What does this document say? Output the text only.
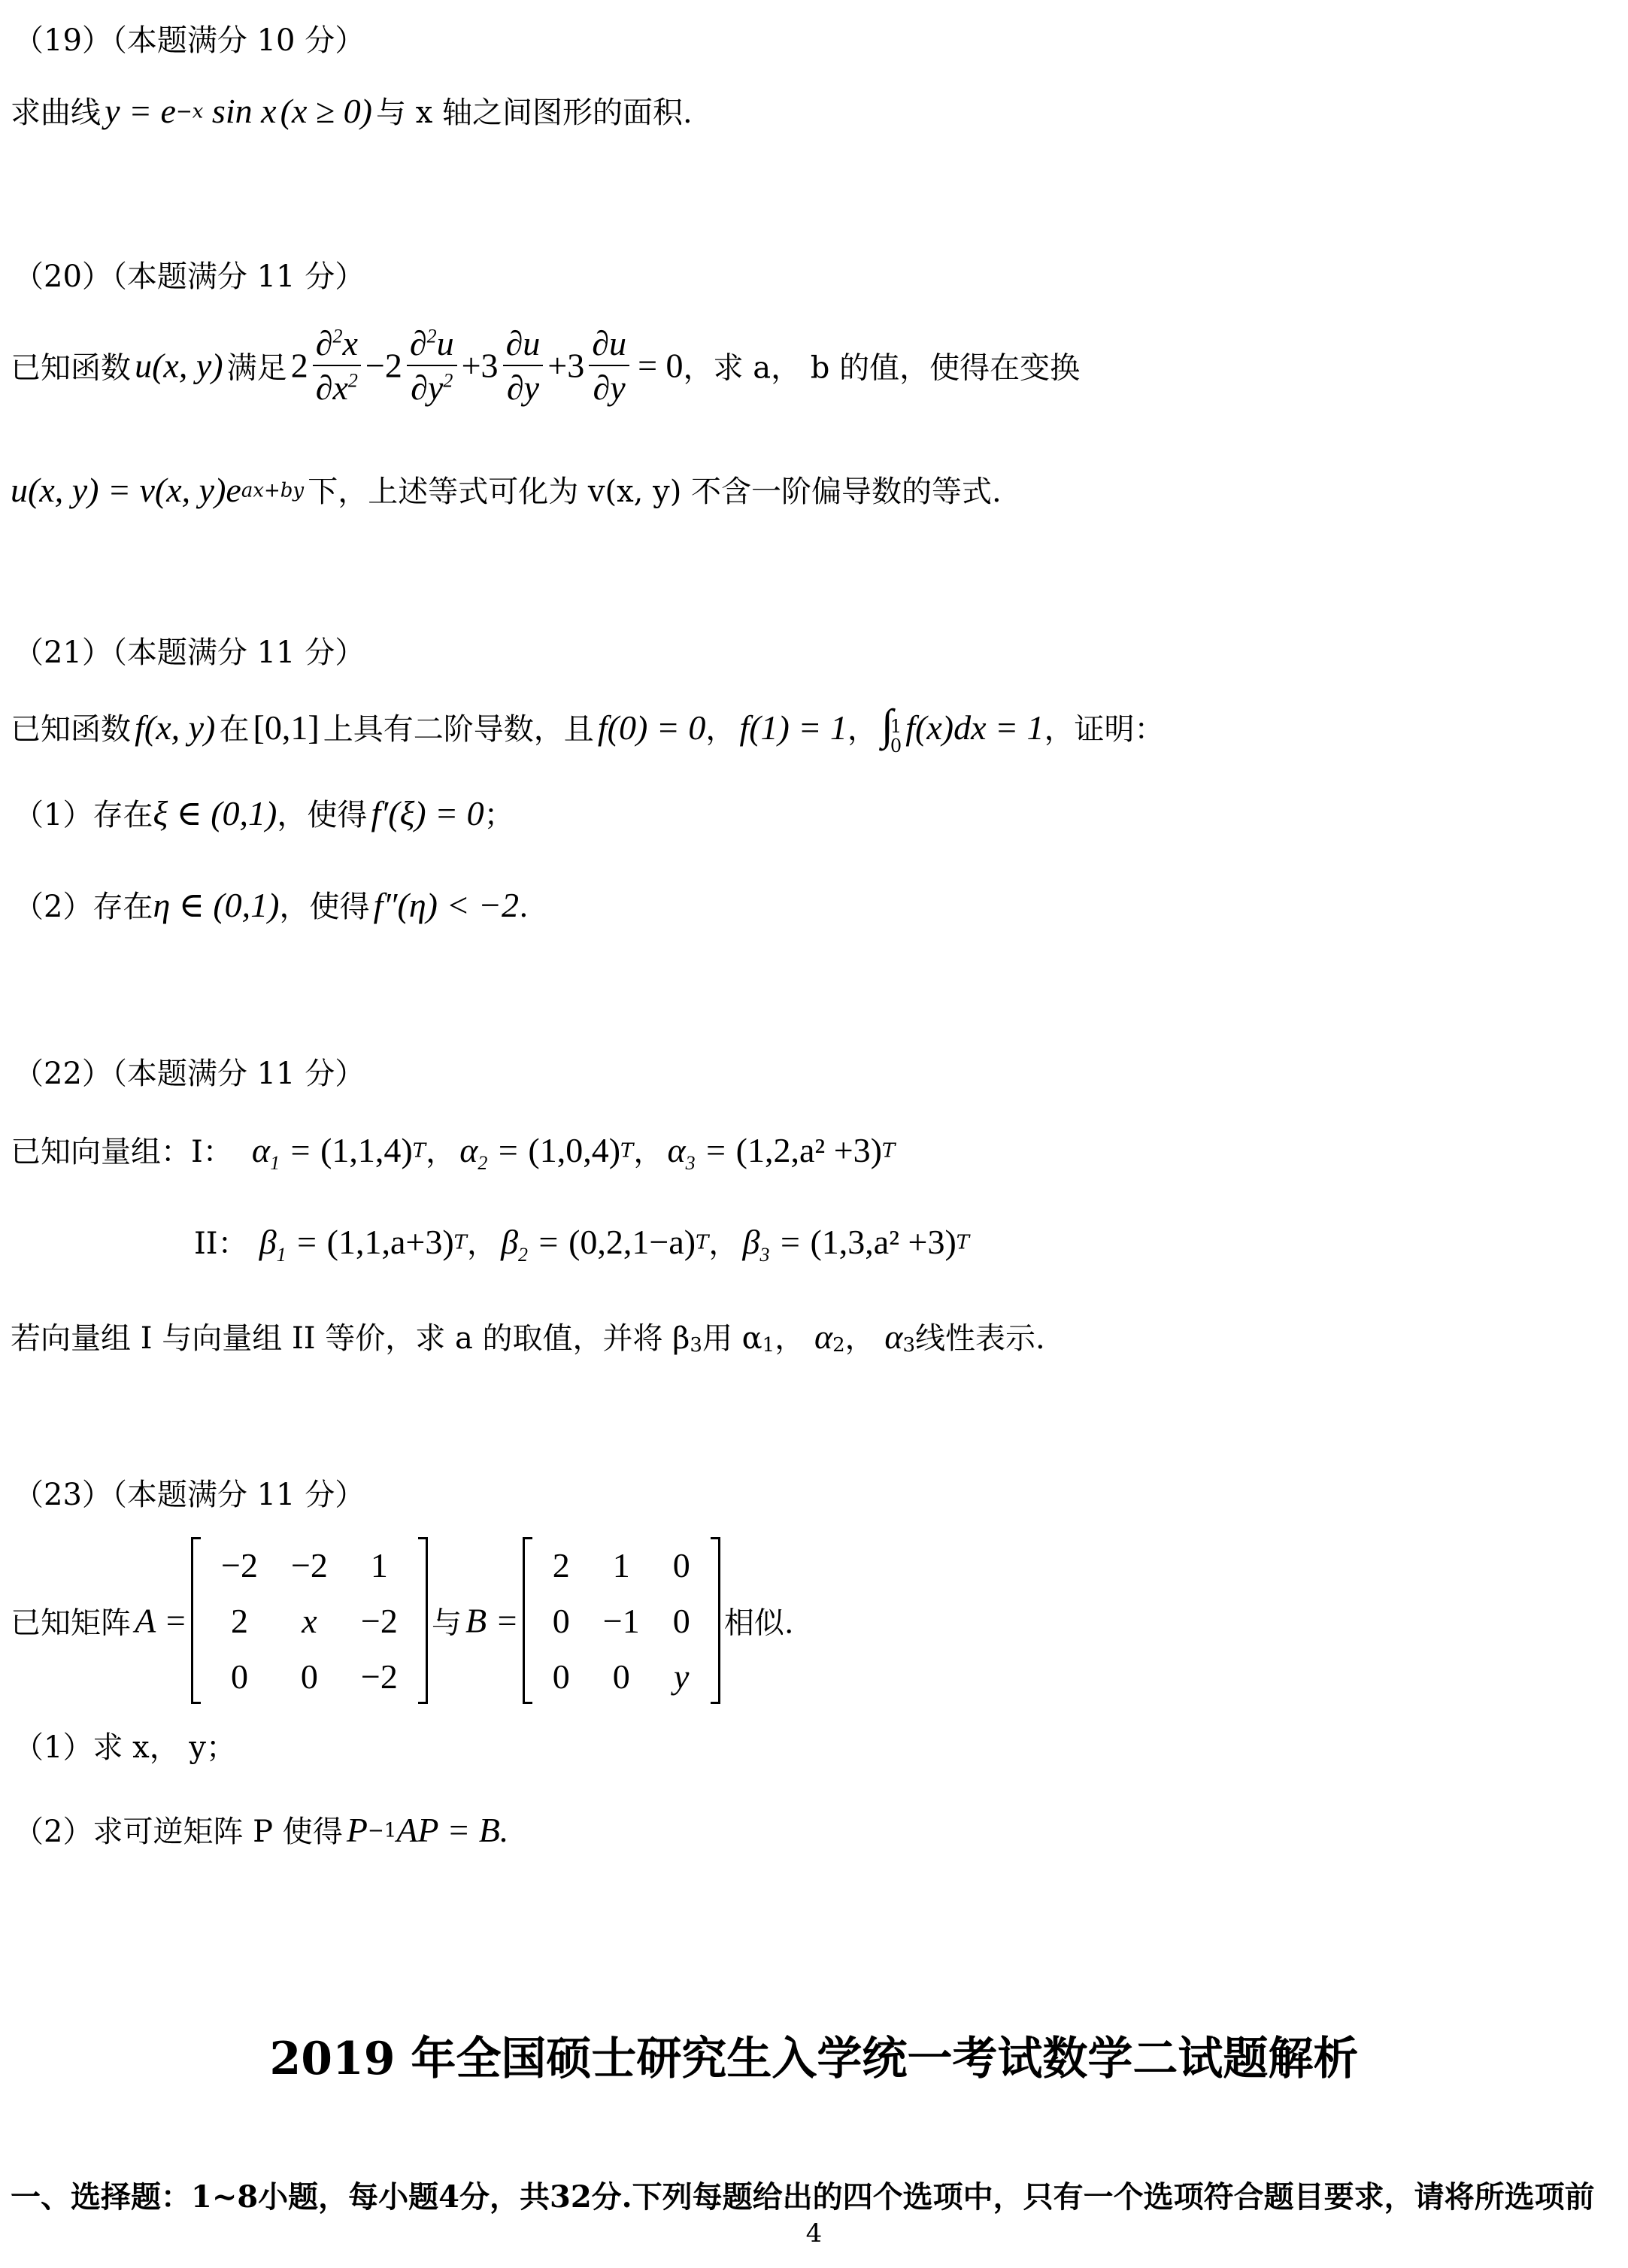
（19）（本题满分 10 分）
求曲线 $y = e^{-x}$ sin x (x ≥ 0) 与 x 轴之间图形的面积.
（20）（本题满分 11 分）
已知函数 u(x, y) 满足 $2 \frac{\partial^2x}{\partial x^2} -2 \frac{\partial^2u}{\partial y^2} +3 \frac{\partial u}{\partial y} +3 \frac{\partial u}{\partial y} = 0$，求 a， b 的值，使得在变换
u(x, y) = v(x, $y)e^{ax+by}$ 下，上述等式可化为 v(x, y) 不含一阶偏导数的等式.
（21）（本题满分 11 分）
已知函数 f(x, y) 在 [0,1] 上具有二阶导数，且 f(0) = 0， f(1) = 1， ∫
1
0 f(x)dx = 1，证明：
（1）存在ξ ∈ (0,1)，使得 f′(ξ) = 0；
（2）存在η ∈ (0,1)，使得 f″(η) < −2.
（22）（本题满分 11 分）
已知向量组：I： $\alpha_1 = (1,1,4)^T$， $\alpha_2 = (1,0,4)^T$， $\alpha_3 = (1,2,a^2 +3)^T$
II： $\beta_1 = (1,1,a+3)^T$， $\beta_2 = (0,2,1-a)^T$， $\beta_3 = (1,3,a^2 +3)^T$
若向量组 I 与向量组 II 等价，求 a 的取值，并将 $\beta_3$用 $\alpha_1$， $\alpha_2$， $\alpha_3$线性表示.
（23）（本题满分 11 分）
已知矩阵 A =
−2	−2	1
2	x	−2
0	0	−2
与 B =
2	1	0
0	−1	0
0	0	y
相似.
（1）求 x， y；
（2）求可逆矩阵 P 使得 $P^{-1}AP = B$.
2019 年全国硕士研究生入学统一考试数学二试题解析
一、选择题：1~8小题，每小题4分，共32分.下列每题给出的四个选项中，只有一个选项符合题目要求，请将所选项前
4
